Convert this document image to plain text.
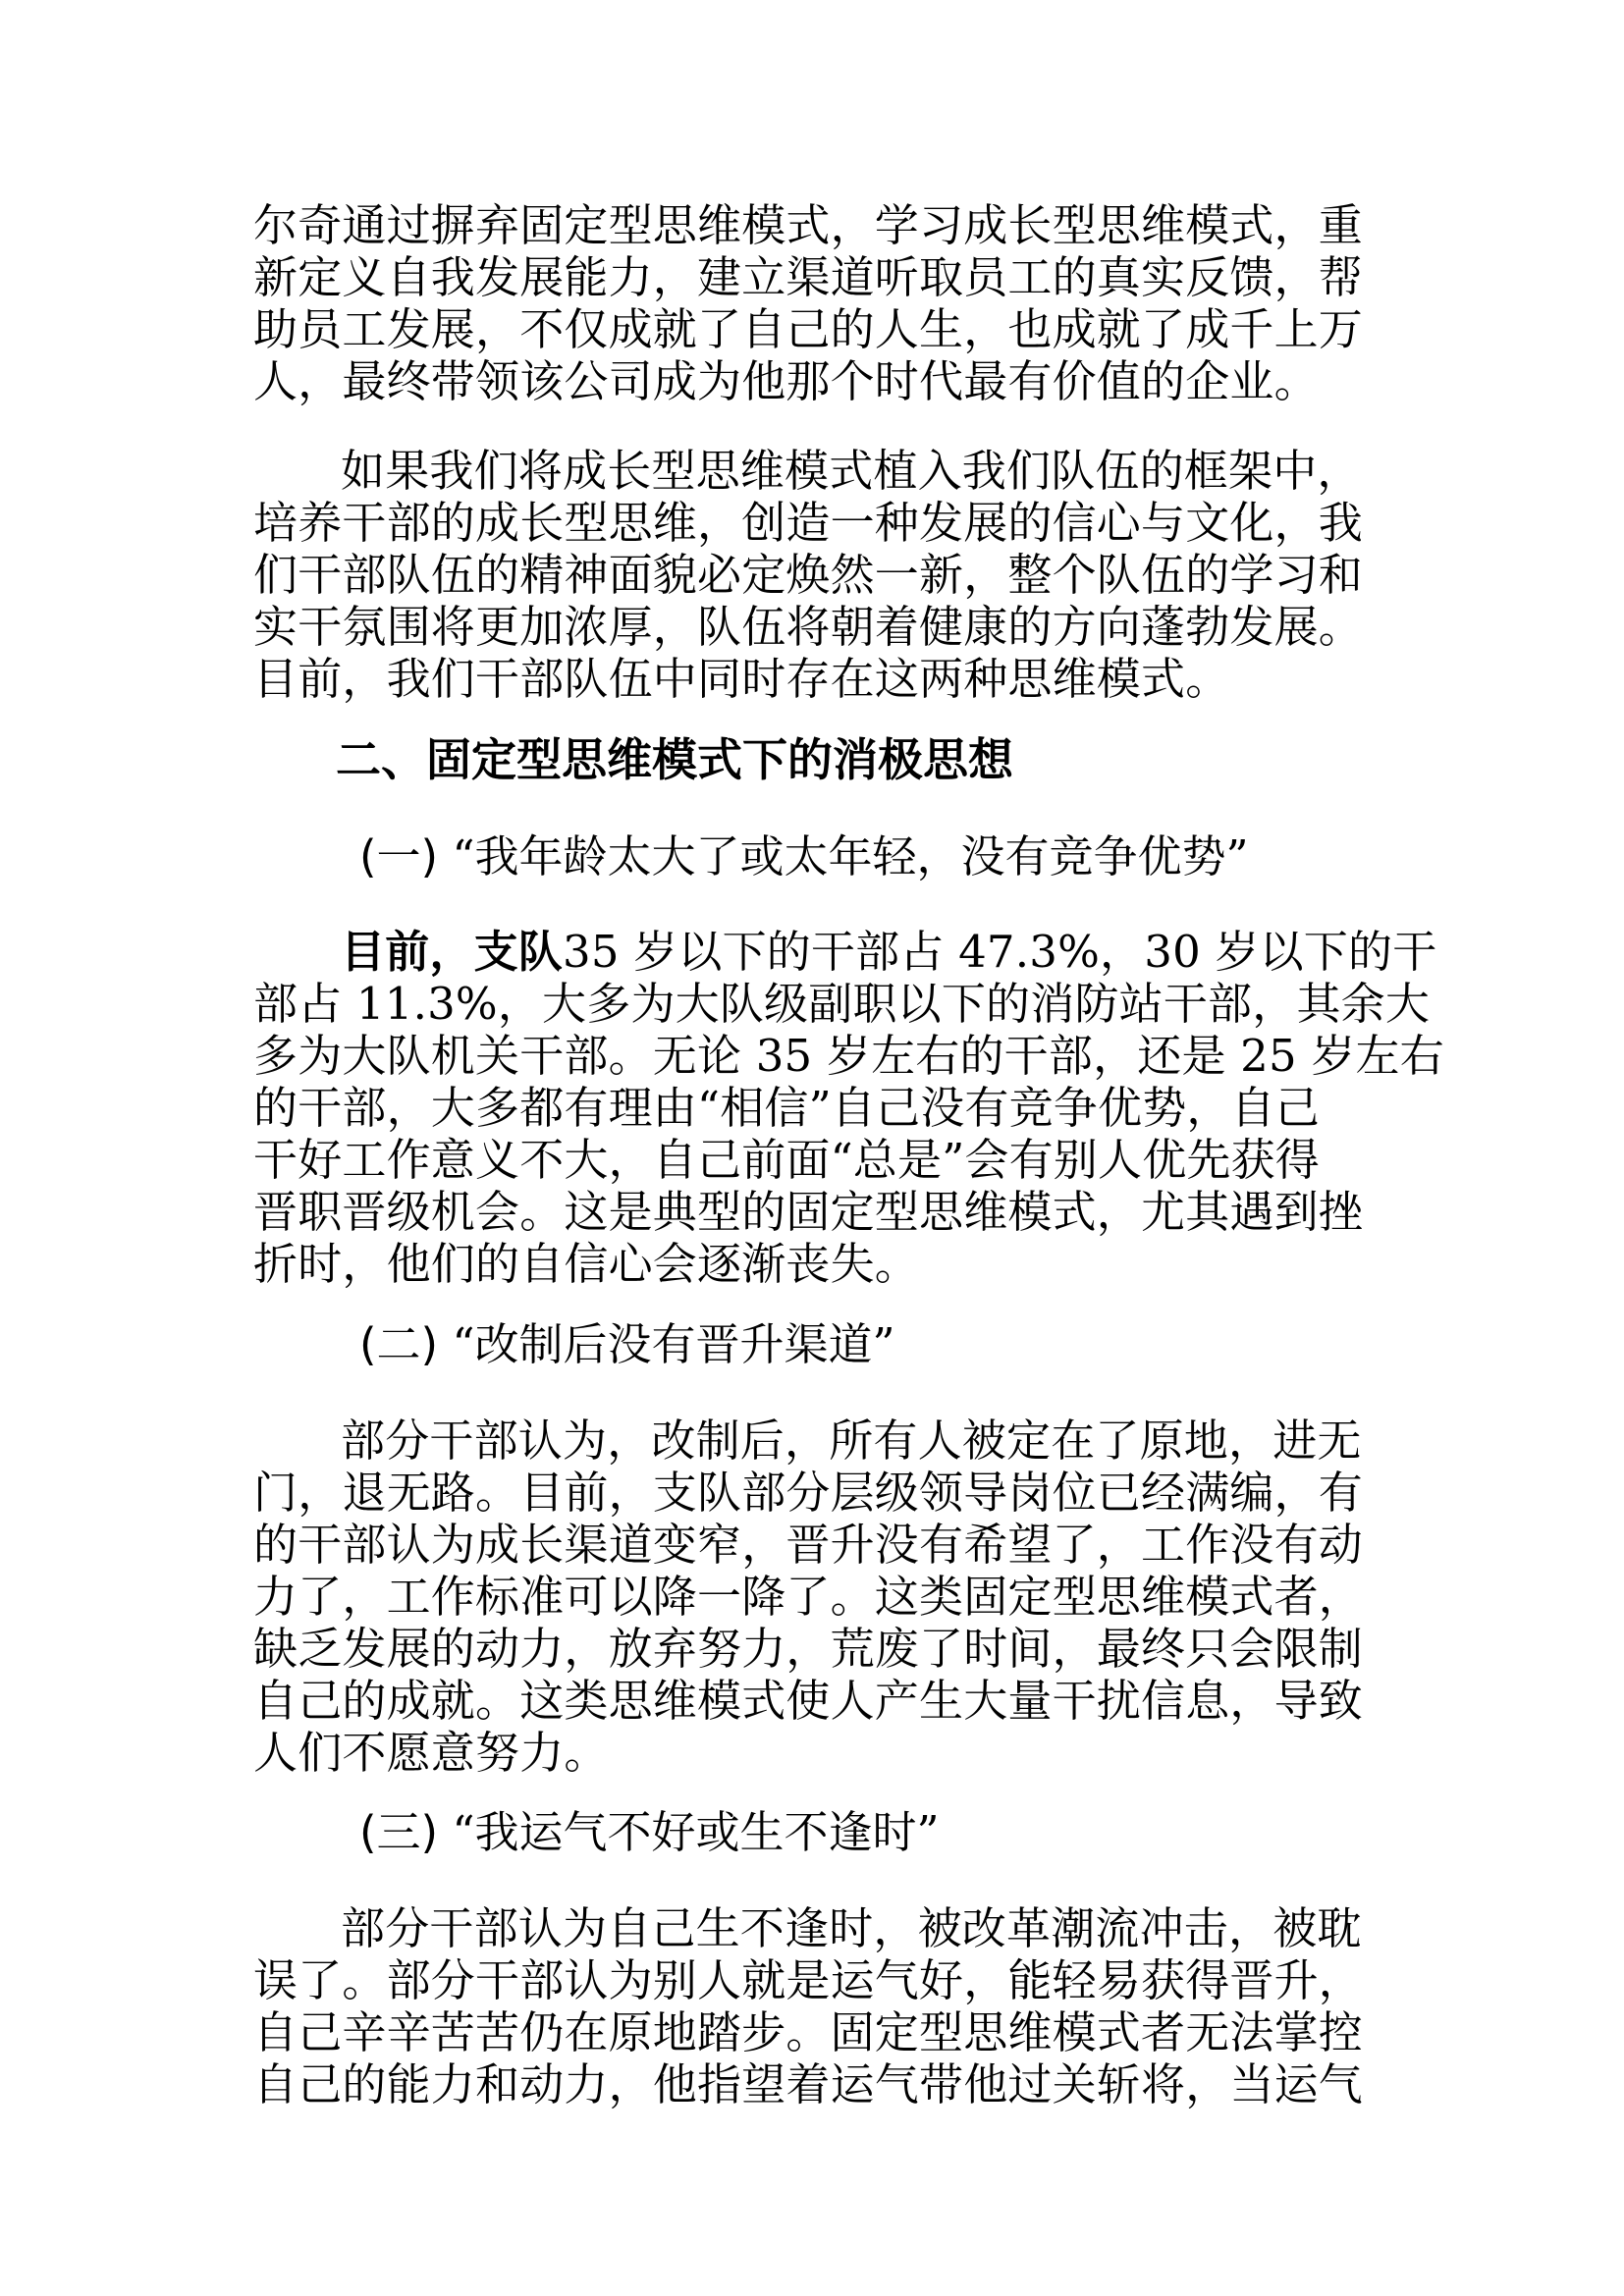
尔奇通过摒弃固定型思维模式，学习成长型思维模式，重
新定义自我发展能力，建立渠道听取员工的真实反馈，帮
助员工发展，不仅成就了自己的人生，也成就了成千上万
人，最终带领该公司成为他那个时代最有价值的企业。
如果我们将成长型思维模式植入我们队伍的框架中，
培养干部的成长型思维，创造一种发展的信心与文化，我
们干部队伍的精神面貌必定焕然一新，整个队伍的学习和
实干氛围将更加浓厚，队伍将朝着健康的方向蓬勃发展。
目前，我们干部队伍中同时存在这两种思维模式。
二、固定型思维模式下的消极思想
(一) “我年龄太大了或太年轻，没有竞争优势”
目前，支队35 岁以下的干部占 47.3%，30 岁以下的干
部占 11.3%，大多为大队级副职以下的消防站干部，其余大
多为大队机关干部。无论 35 岁左右的干部，还是 25 岁左右
的干部，大多都有理由“相信”自己没有竞争优势，自己
干好工作意义不大，自己前面“总是”会有别人优先获得
晋职晋级机会。这是典型的固定型思维模式，尤其遇到挫
折时，他们的自信心会逐渐丧失。
(二) “改制后没有晋升渠道”
部分干部认为，改制后，所有人被定在了原地，进无
门，退无路。目前，支队部分层级领导岗位已经满编，有
的干部认为成长渠道变窄，晋升没有希望了，工作没有动
力了，工作标准可以降一降了。这类固定型思维模式者，
缺乏发展的动力，放弃努力，荒废了时间，最终只会限制
自己的成就。这类思维模式使人产生大量干扰信息，导致
人们不愿意努力。
(三) “我运气不好或生不逢时”
部分干部认为自己生不逢时，被改革潮流冲击，被耽
误了。部分干部认为别人就是运气好，能轻易获得晋升，
自己辛辛苦苦仍在原地踏步。固定型思维模式者无法掌控
自己的能力和动力，他指望着运气带他过关斩将，当运气
